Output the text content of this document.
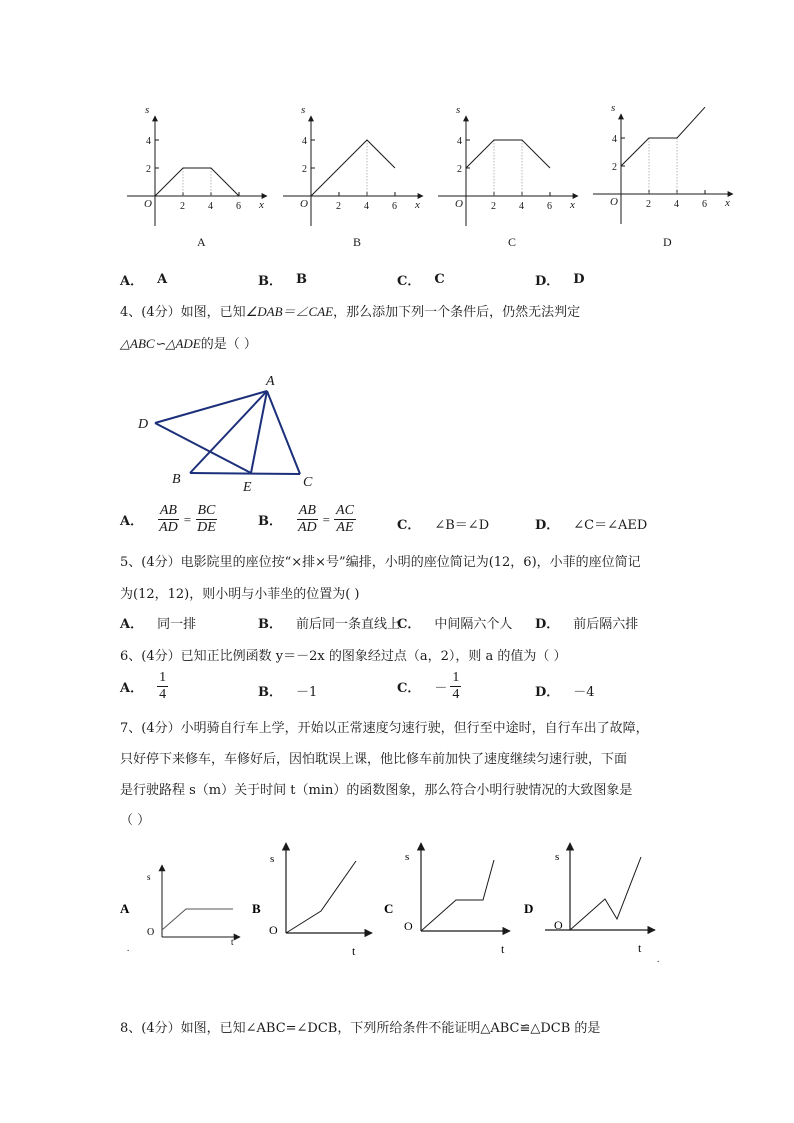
2
4
2 4 6
s
x
O
A
2
4
2 4 6
s
x
O
B
2
4
2 4 6
s
x
O
C
2
4
2 4 6
s
x
O
D
A． A	B． B	C． C	D． D
4、(4分）如图，已知∠DAB＝∠CAE，那么添加下列一个条件后，仍然无法判定
△ABC∽△ADE的是（ ）
A
D
B
E	C
A． $\frac{AB}{AD} = \frac{BC}{DE}$	B． $\frac{AB}{AD} = \frac{AC}{AE}$	C． ∠B＝∠D	D． ∠C＝∠AED
5、(4分）电影院里的座位按“×排×号”编排，小明的座位简记为(12，6)，小菲的座位简记
为(12，12)，则小明与小菲坐的位置为( )
A． 同一排	B． 前后同一条直线上
C． 中间隔六个人 D． 前后隔六排
6、(4分）已知正比例函数 y＝－2x 的图象经过点（a，2），则 a 的值为（ ）
A． $\frac{1}{4}$	B． －1	C． － $\frac{1}{4}$	D． －4
7、(4分）小明骑自行车上学，开始以正常速度匀速行驶，但行至中途时，自行车出了故障，
只好停下来修车，车修好后，因怕耽误上课，他比修车前加快了速度继续匀速行驶，下面
是行驶路程 s（m）关于时间 t（min）的函数图象，那么符合小明行驶情况的大致图象是
（ ）
A
s
O
t
.
B
s
O
t
C
s
O
t
D
s
O
t
.
8、(4分）如图，已知∠ABC=∠DCB，下列所给条件不能证明△ABC≌△DCB 的是
